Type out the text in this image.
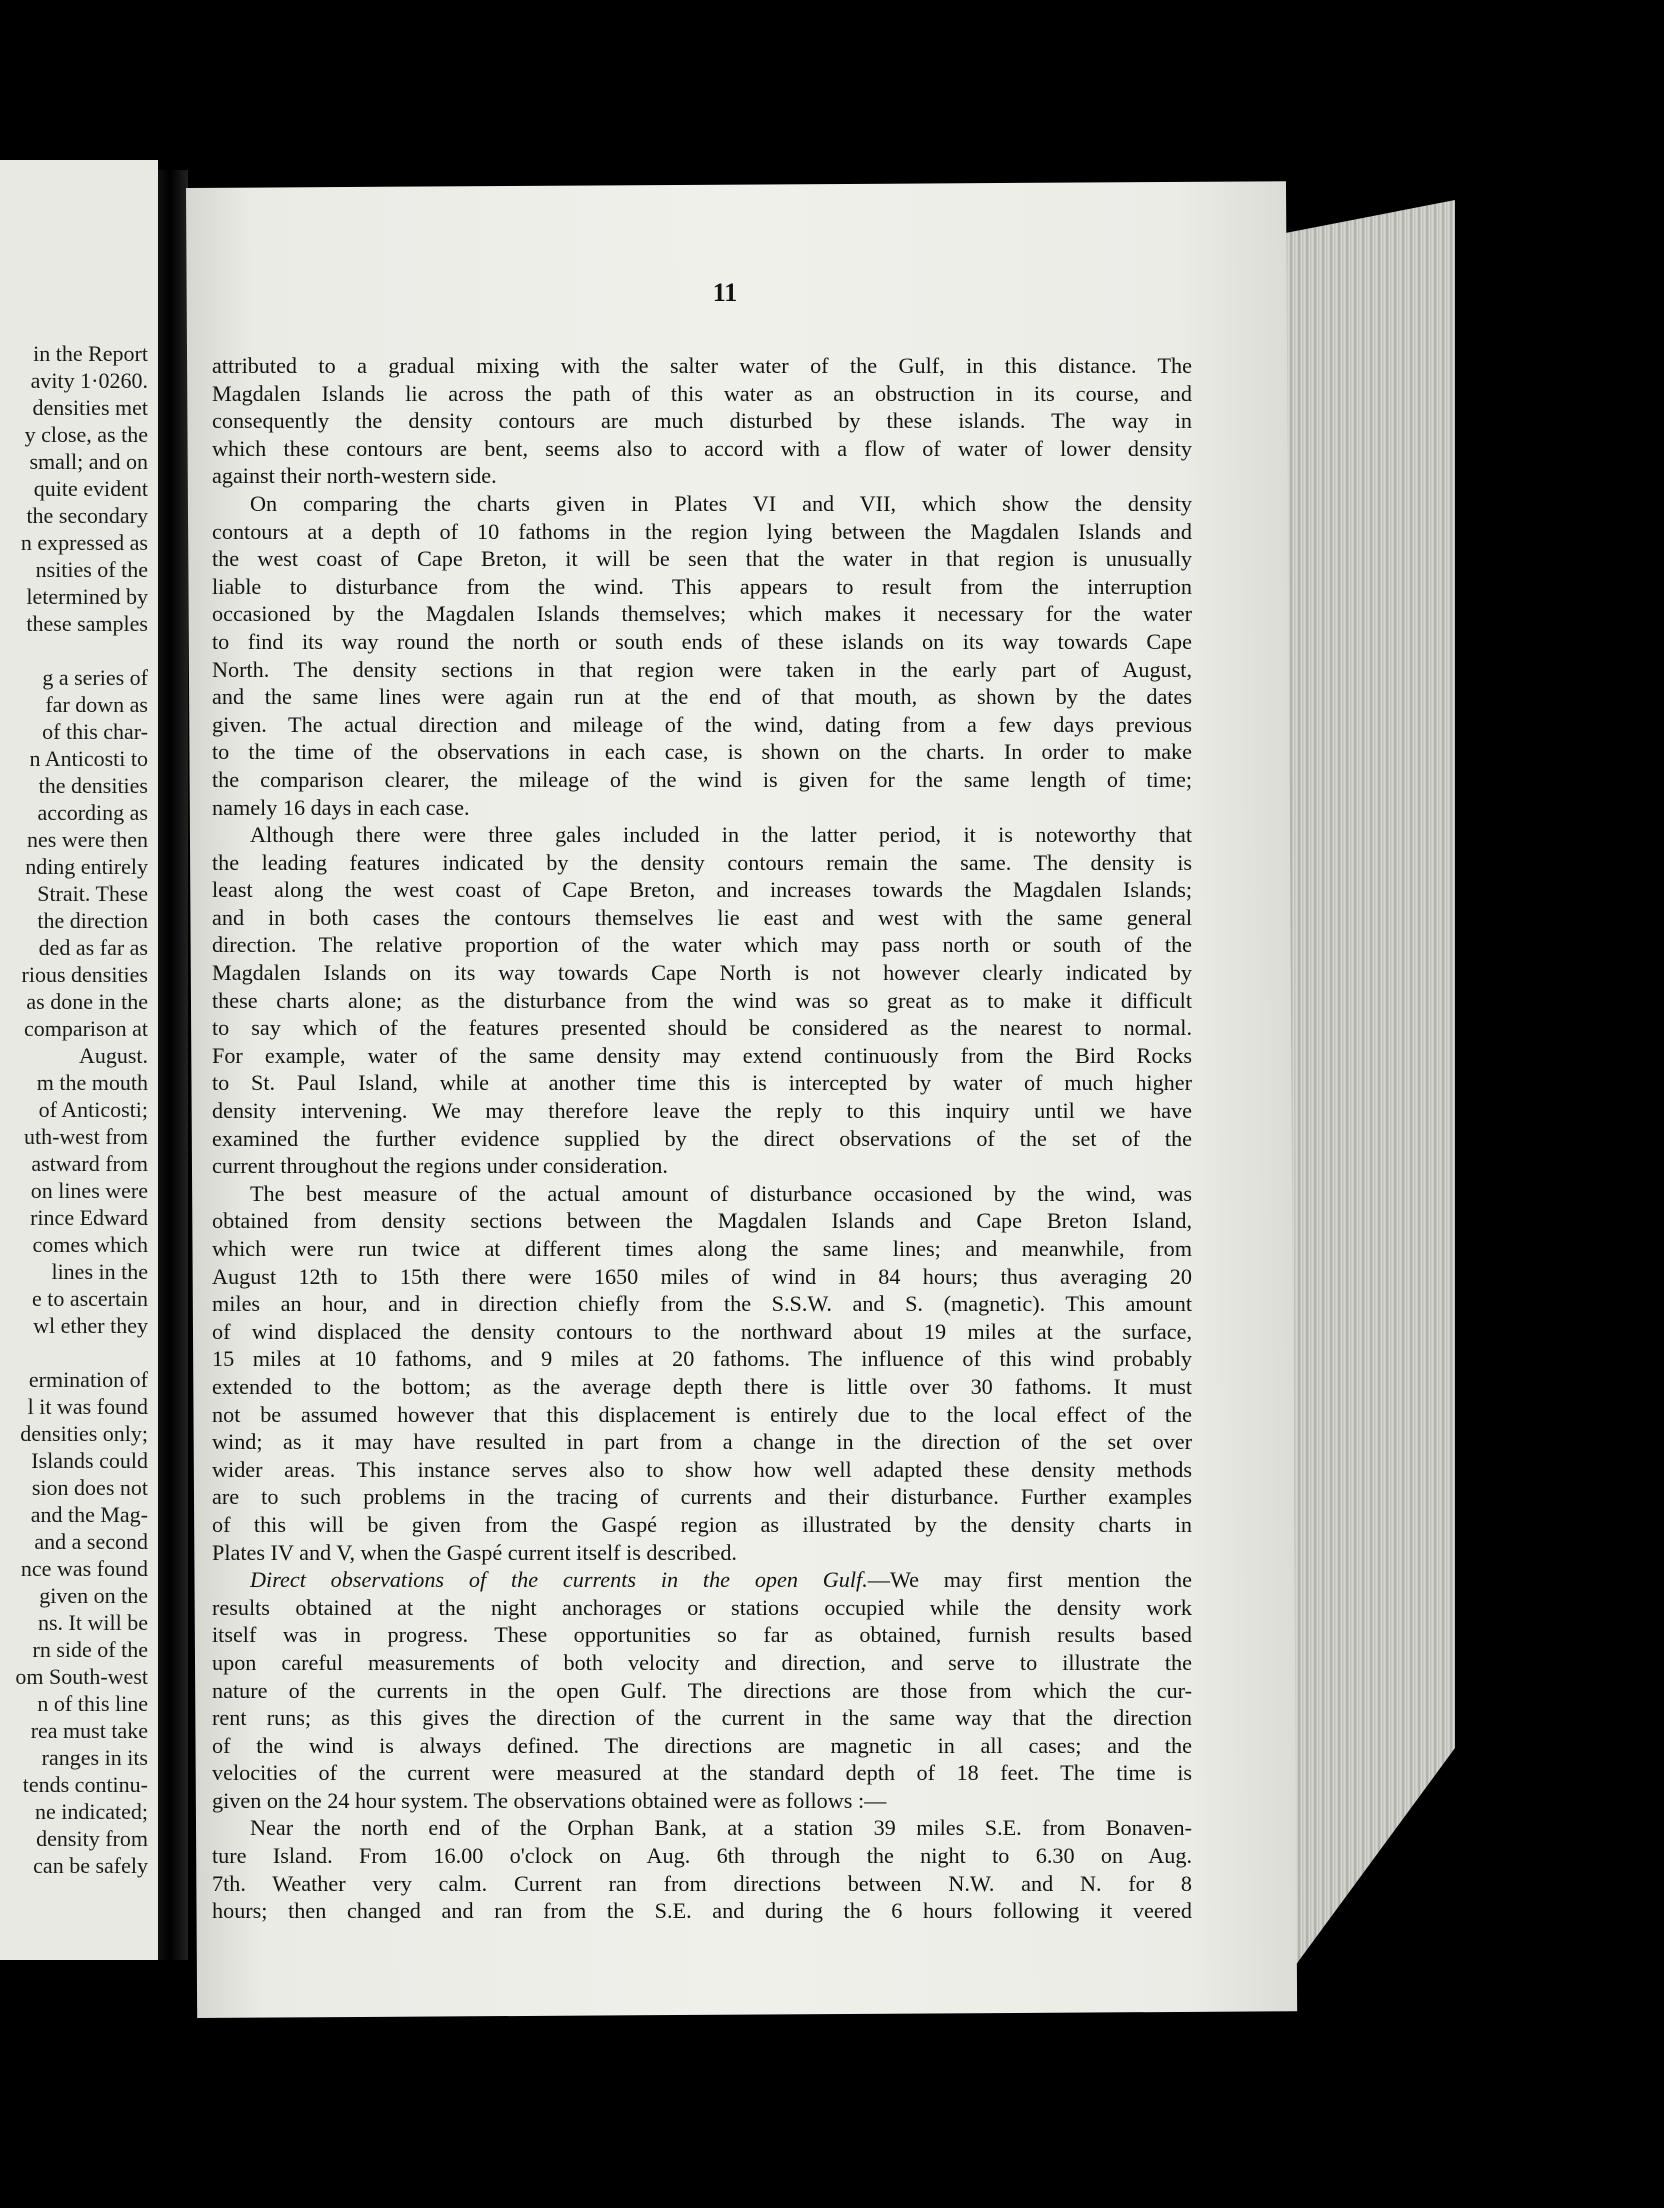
in the Report
avity 1·0260.
densities met
y close, as the
small; and on
quite evident
the secondary
n expressed as
nsities of the
letermined by
these samples

g a series of
far down as
of this char-
n Anticosti to
the densities
according as
nes were then
nding entirely
Strait. These
the direction
ded as far as
rious densities
as done in the
comparison at
August.
m the mouth
of Anticosti;
uth-west from
astward from
on lines were
rince Edward
comes which
lines in the
e to ascertain
wl ether they

ermination of
l it was found
densities only;
Islands could
sion does not
and the Mag-
and a second
nce was found
given on the
ns. It will be
rn side of the
om South-west
n of this line
rea must take
ranges in its
tends continu-
ne indicated;
density from
can be safely
11
attributed to a gradual mixing with the salter water of the Gulf, in this distance. The
Magdalen Islands lie across the path of this water as an obstruction in its course, and
consequently the density contours are much disturbed by these islands. The way in
which these contours are bent, seems also to accord with a flow of water of lower density
against their north-western side.
On comparing the charts given in Plates VI and VII, which show the density
contours at a depth of 10 fathoms in the region lying between the Magdalen Islands and
the west coast of Cape Breton, it will be seen that the water in that region is unusually
liable to disturbance from the wind. This appears to result from the interruption
occasioned by the Magdalen Islands themselves; which makes it necessary for the water
to find its way round the north or south ends of these islands on its way towards Cape
North. The density sections in that region were taken in the early part of August,
and the same lines were again run at the end of that mouth, as shown by the dates
given. The actual direction and mileage of the wind, dating from a few days previous
to the time of the observations in each case, is shown on the charts. In order to make
the comparison clearer, the mileage of the wind is given for the same length of time;
namely 16 days in each case.
Although there were three gales included in the latter period, it is noteworthy that
the leading features indicated by the density contours remain the same. The density is
least along the west coast of Cape Breton, and increases towards the Magdalen Islands;
and in both cases the contours themselves lie east and west with the same general
direction. The relative proportion of the water which may pass north or south of the
Magdalen Islands on its way towards Cape North is not however clearly indicated by
these charts alone; as the disturbance from the wind was so great as to make it difficult
to say which of the features presented should be considered as the nearest to normal.
For example, water of the same density may extend continuously from the Bird Rocks
to St. Paul Island, while at another time this is intercepted by water of much higher
density intervening. We may therefore leave the reply to this inquiry until we have
examined the further evidence supplied by the direct observations of the set of the
current throughout the regions under consideration.
The best measure of the actual amount of disturbance occasioned by the wind, was
obtained from density sections between the Magdalen Islands and Cape Breton Island,
which were run twice at different times along the same lines; and meanwhile, from
August 12th to 15th there were 1650 miles of wind in 84 hours; thus averaging 20
miles an hour, and in direction chiefly from the S.S.W. and S. (magnetic). This amount
of wind displaced the density contours to the northward about 19 miles at the surface,
15 miles at 10 fathoms, and 9 miles at 20 fathoms. The influence of this wind probably
extended to the bottom; as the average depth there is little over 30 fathoms. It must
not be assumed however that this displacement is entirely due to the local effect of the
wind; as it may have resulted in part from a change in the direction of the set over
wider areas. This instance serves also to show how well adapted these density methods
are to such problems in the tracing of currents and their disturbance. Further examples
of this will be given from the Gaspé region as illustrated by the density charts in
Plates IV and V, when the Gaspé current itself is described.
Direct observations of the currents in the open Gulf.—We may first mention the
results obtained at the night anchorages or stations occupied while the density work
itself was in progress. These opportunities so far as obtained, furnish results based
upon careful measurements of both velocity and direction, and serve to illustrate the
nature of the currents in the open Gulf. The directions are those from which the cur-
rent runs; as this gives the direction of the current in the same way that the direction
of the wind is always defined. The directions are magnetic in all cases; and the
velocities of the current were measured at the standard depth of 18 feet. The time is
given on the 24 hour system. The observations obtained were as follows :—
Near the north end of the Orphan Bank, at a station 39 miles S.E. from Bonaven-
ture Island. From 16.00 o'clock on Aug. 6th through the night to 6.30 on Aug.
7th. Weather very calm. Current ran from directions between N.W. and N. for 8
hours; then changed and ran from the S.E. and during the 6 hours following it veered
